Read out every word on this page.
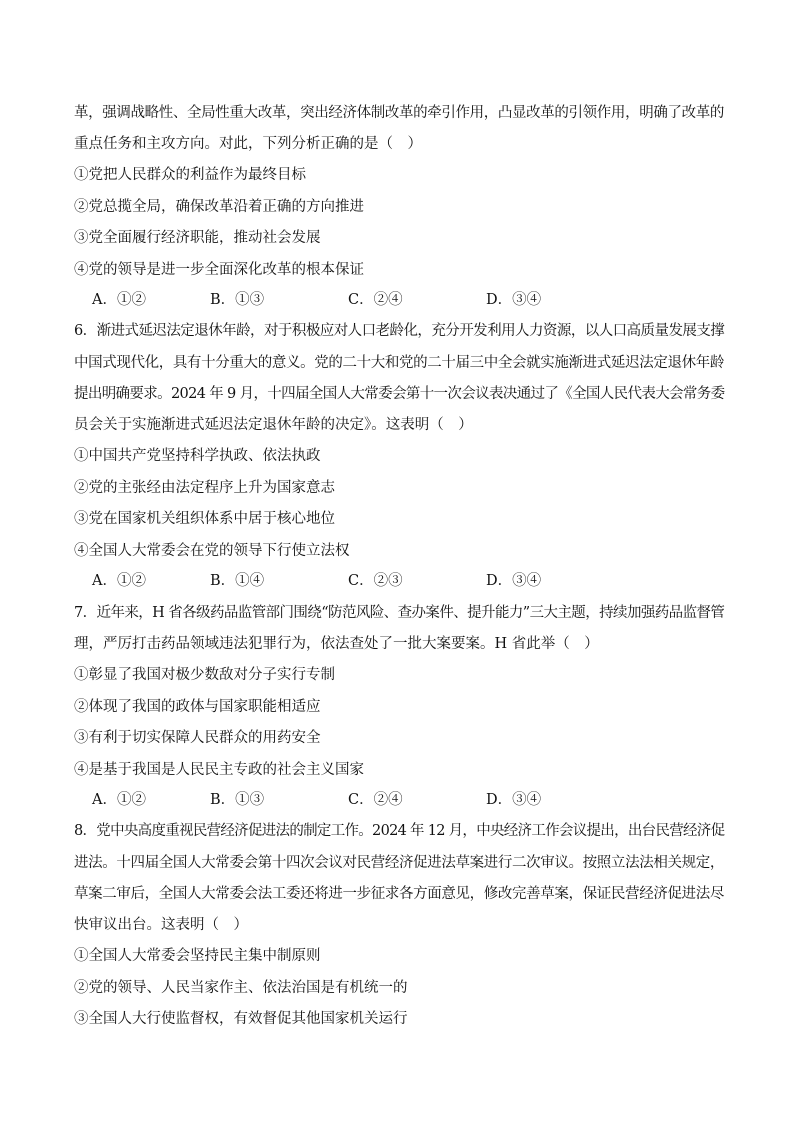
革，强调战略性、全局性重大改革，突出经济体制改革的牵引作用，凸显改革的引领作用，明确了改革的
重点任务和主攻方向。对此，下列分析正确的是（　）
①党把人民群众的利益作为最终目标
②党总揽全局，确保改革沿着正确的方向推进
③党全面履行经济职能，推动社会发展
④党的领导是进一步全面深化改革的根本保证
A．①②	B．①③	C．②④	D．③④
6．渐进式延迟法定退休年龄，对于积极应对人口老龄化，充分开发利用人力资源，以人口高质量发展支撑
中国式现代化，具有十分重大的意义。党的二十大和党的二十届三中全会就实施渐进式延迟法定退休年龄
提出明确要求。2024 年 9 月，十四届全国人大常委会第十一次会议表决通过了《全国人民代表大会常务委
员会关于实施渐进式延迟法定退休年龄的决定》。这表明（　）
①中国共产党坚持科学执政、依法执政
②党的主张经由法定程序上升为国家意志
③党在国家机关组织体系中居于核心地位
④全国人大常委会在党的领导下行使立法权
A．①②	B．①④	C．②③	D．③④
7．近年来，H 省各级药品监管部门围绕“防范风险、查办案件、提升能力”三大主题，持续加强药品监督管
理，严厉打击药品领域违法犯罪行为，依法查处了一批大案要案。H 省此举（　）
①彰显了我国对极少数敌对分子实行专制
②体现了我国的政体与国家职能相适应
③有利于切实保障人民群众的用药安全
④是基于我国是人民民主专政的社会主义国家
A．①②	B．①③	C．②④	D．③④
8．党中央高度重视民营经济促进法的制定工作。2024 年 12 月，中央经济工作会议提出，出台民营经济促
进法。十四届全国人大常委会第十四次会议对民营经济促进法草案进行二次审议。按照立法法相关规定，
草案二审后，全国人大常委会法工委还将进一步征求各方面意见，修改完善草案，保证民营经济促进法尽
快审议出台。这表明（　）
①全国人大常委会坚持民主集中制原则
②党的领导、人民当家作主、依法治国是有机统一的
③全国人大行使监督权，有效督促其他国家机关运行
